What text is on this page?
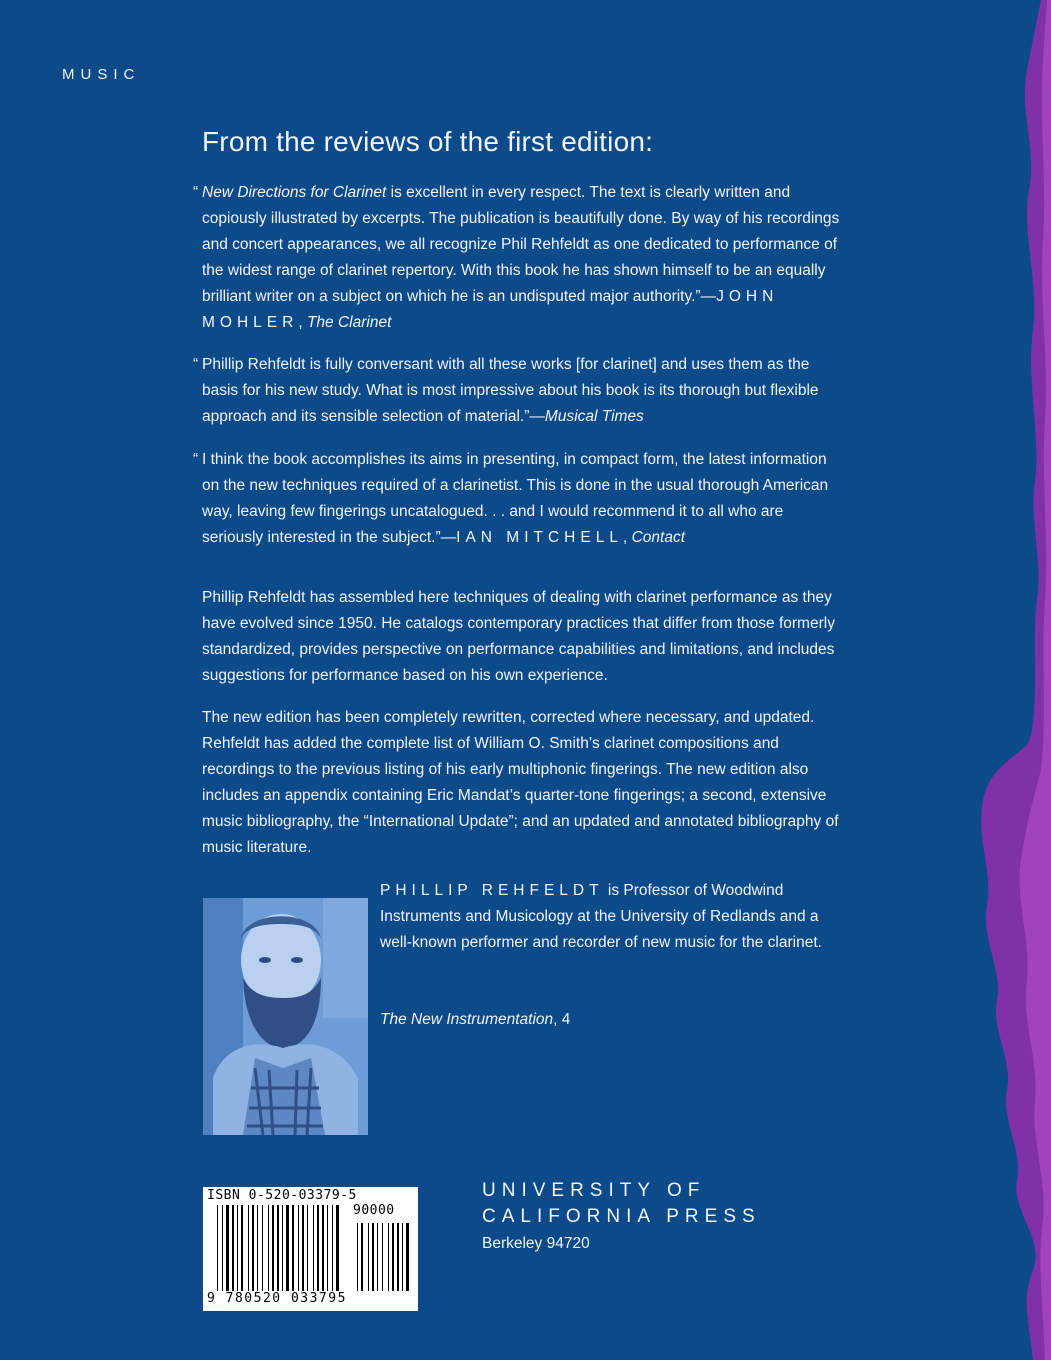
MUSIC
From the reviews of the first edition:

“ New Directions for Clarinet is excellent in every respect. The text is clearly written and copiously illustrated by excerpts. The publication is beautifully done. By way of his recordings and concert appearances, we all recognize Phil Rehfeldt as one dedicated to performance of the widest range of clarinet repertory. With this book he has shown himself to be an equally brilliant writer on a subject on which he is an undisputed major authority.”—JOHN MOHLER, The Clarinet

“ Phillip Rehfeldt is fully conversant with all these works [for clarinet] and uses them as the basis for his new study. What is most impressive about his book is its thorough but flexible approach and its sensible selection of material.”—Musical Times

“ I think the book accomplishes its aims in presenting, in compact form, the latest information on the new techniques required of a clarinetist. This is done in the usual thorough American way, leaving few fingerings uncatalogued. . . and I would recommend it to all who are seriously interested in the subject.”—IAN MITCHELL, Contact

Phillip Rehfeldt has assembled here techniques of dealing with clarinet performance as they have evolved since 1950. He catalogs contemporary practices that differ from those formerly standardized, provides perspective on performance capabilities and limitations, and includes suggestions for performance based on his own experience.

The new edition has been completely rewritten, corrected where necessary, and updated. Rehfeldt has added the complete list of William O. Smith’s clarinet compositions and recordings to the previous listing of his early multiphonic fingerings. The new edition also includes an appendix containing Eric Mandat’s quarter-tone fingerings; a second, extensive music bibliography, the “International Update”; and an updated and annotated bibliography of music literature.

PHILLIP REHFELDT is Professor of Woodwind Instruments and Musicology at the University of Redlands and a well-known performer and recorder of new music for the clarinet.

The New Instrumentation, 4

ISBN 0-520-03379-5
90000
9 780520 033795
UNIVERSITY OF
CALIFORNIA PRESS
Berkeley 94720
